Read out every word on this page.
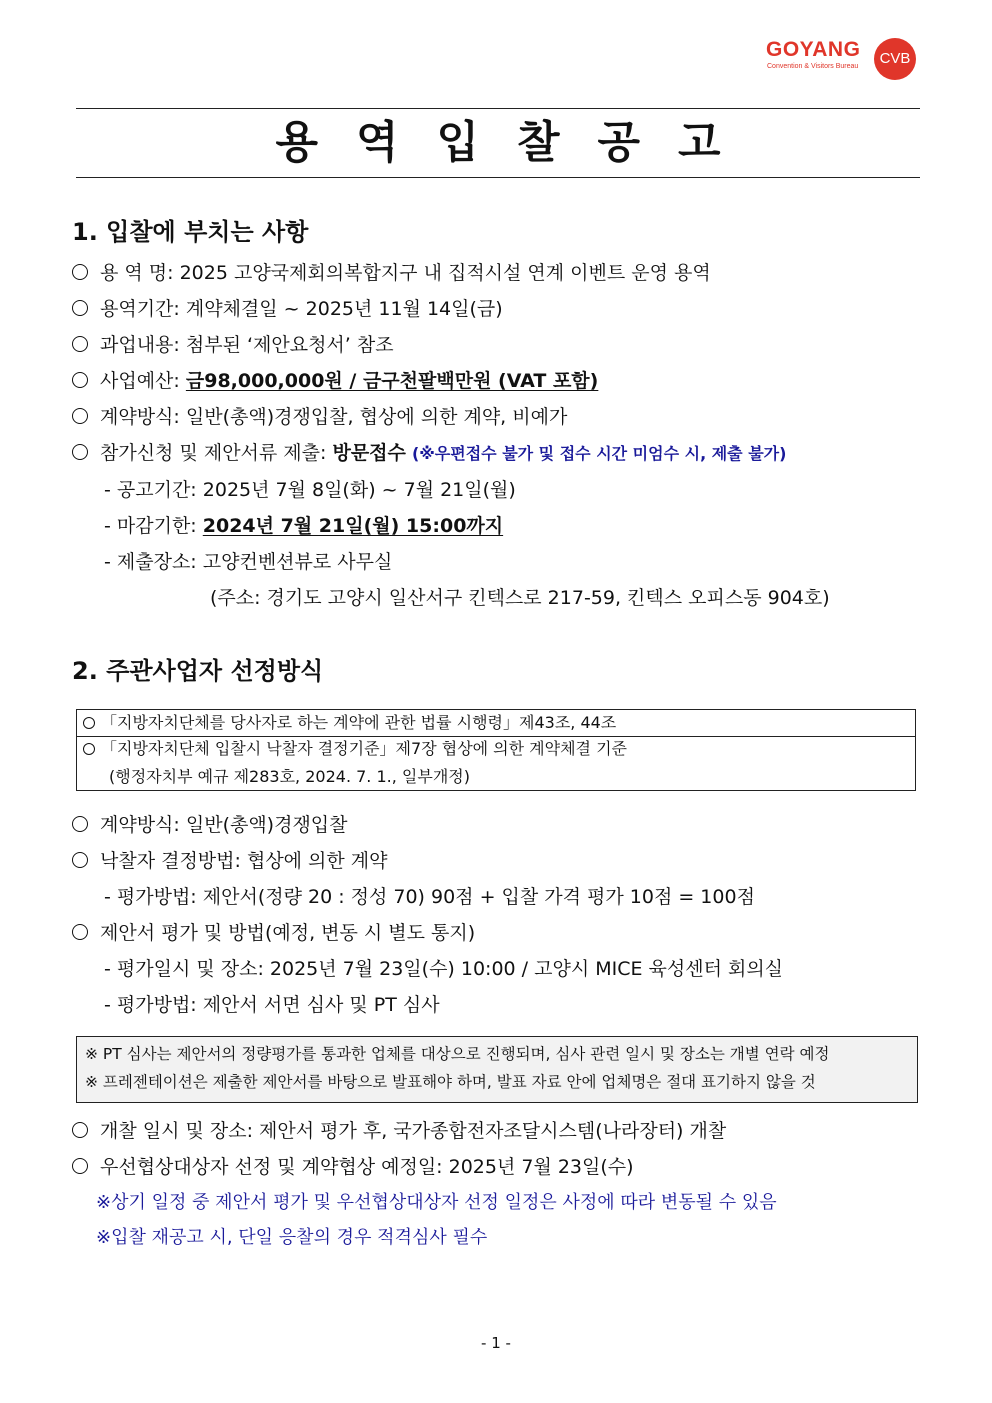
GOYANG
Convention & Visitors Bureau	CVB
용역입찰공고
1. 입찰에 부치는 사항
용 역 명: 2025 고양국제회의복합지구 내 집적시설 연계 이벤트 운영 용역
용역기간: 계약체결일 ~ 2025년 11월 14일(금)
과업내용: 첨부된 ‘제안요청서’ 참조
사업예산: 금98,000,000원 / 금구천팔백만원 (VAT 포함)
계약방식: 일반(총액)경쟁입찰, 협상에 의한 계약, 비예가
참가신청 및 제안서류 제출: 방문접수 (※우편접수 불가 및 접수 시간 미엄수 시, 제출 불가)
- 공고기간: 2025년 7월 8일(화) ~ 7월 21일(월)
- 마감기한: 2024년 7월 21일(월) 15:00까지
- 제출장소: 고양컨벤션뷰로 사무실
(주소: 경기도 고양시 일산서구 킨텍스로 217-59, 킨텍스 오피스동 904호)
2. 주관사업자 선정방식
「지방자치단체를 당사자로 하는 계약에 관한 법률 시행령」제43조, 44조
「지방자치단체 입찰시 낙찰자 결정기준」제7장 협상에 의한 계약체결 기준
(행정자치부 예규 제283호, 2024. 7. 1., 일부개정)
계약방식: 일반(총액)경쟁입찰
낙찰자 결정방법: 협상에 의한 계약
- 평가방법: 제안서(정량 20 : 정성 70) 90점 + 입찰 가격 평가 10점 = 100점
제안서 평가 및 방법(예정, 변동 시 별도 통지)
- 평가일시 및 장소: 2025년 7월 23일(수) 10:00 / 고양시 MICE 육성센터 회의실
- 평가방법: 제안서 서면 심사 및 PT 심사
※ PT 심사는 제안서의 정량평가를 통과한 업체를 대상으로 진행되며, 심사 관련 일시 및 장소는 개별 연락 예정
※ 프레젠테이션은 제출한 제안서를 바탕으로 발표해야 하며, 발표 자료 안에 업체명은 절대 표기하지 않을 것
개찰 일시 및 장소: 제안서 평가 후, 국가종합전자조달시스템(나라장터) 개찰
우선협상대상자 선정 및 계약협상 예정일: 2025년 7월 23일(수)
※상기 일정 중 제안서 평가 및 우선협상대상자 선정 일정은 사정에 따라 변동될 수 있음
※입찰 재공고 시, 단일 응찰의 경우 적격심사 필수
- 1 -
